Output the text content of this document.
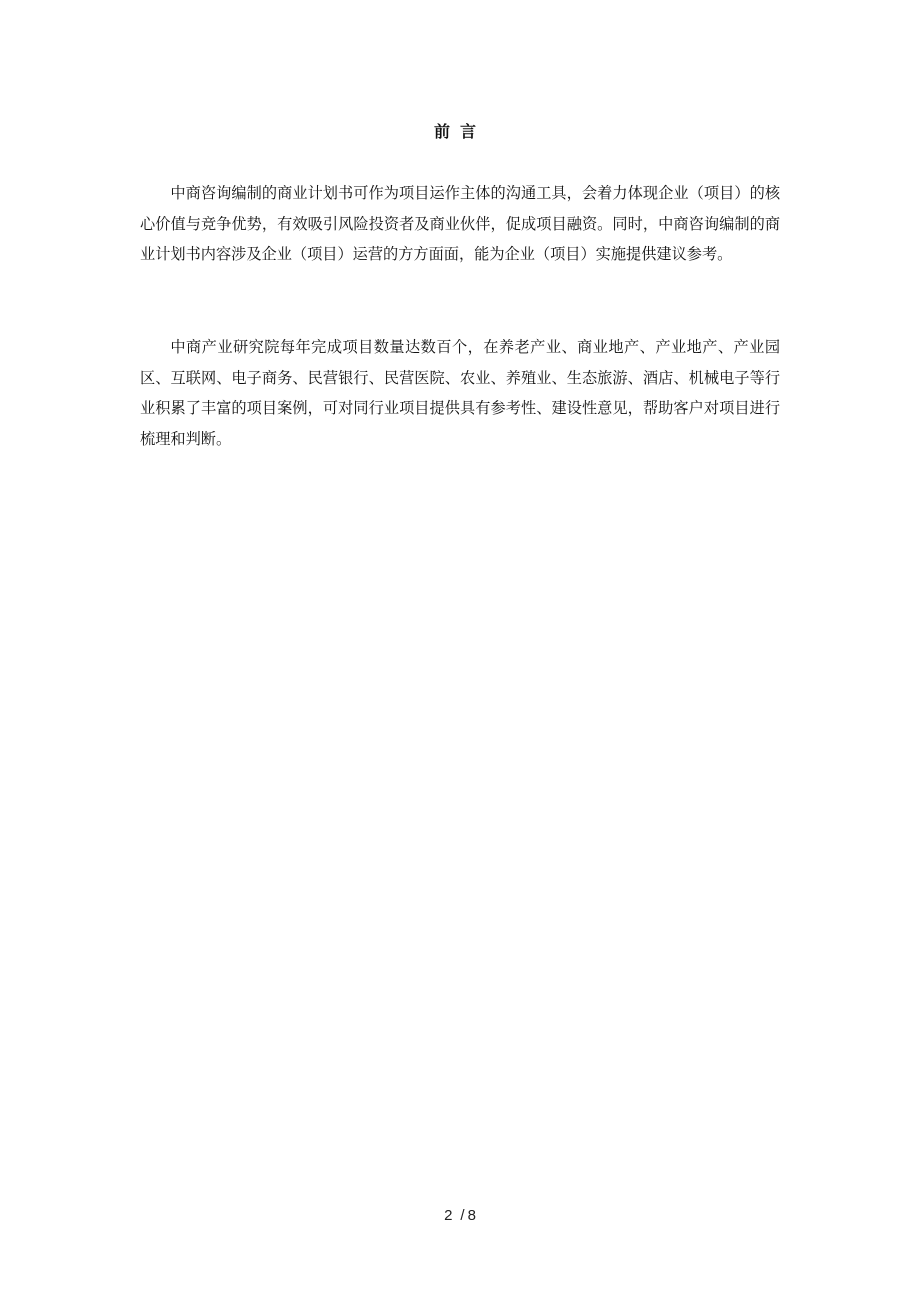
前言

中商咨询编制的商业计划书可作为项目运作主体的沟通工具，会着力体现企业（项目）的核心价值与竞争优势，有效吸引风险投资者及商业伙伴，促成项目融资。同时，中商咨询编制的商业计划书内容涉及企业（项目）运营的方方面面，能为企业（项目）实施提供建议参考。

中商产业研究院每年完成项目数量达数百个，在养老产业、商业地产、产业地产、产业园区、互联网、电子商务、民营银行、民营医院、农业、养殖业、生态旅游、酒店、机械电子等行业积累了丰富的项目案例，可对同行业项目提供具有参考性、建设性意见，帮助客户对项目进行梳理和判断。

2 / 8
